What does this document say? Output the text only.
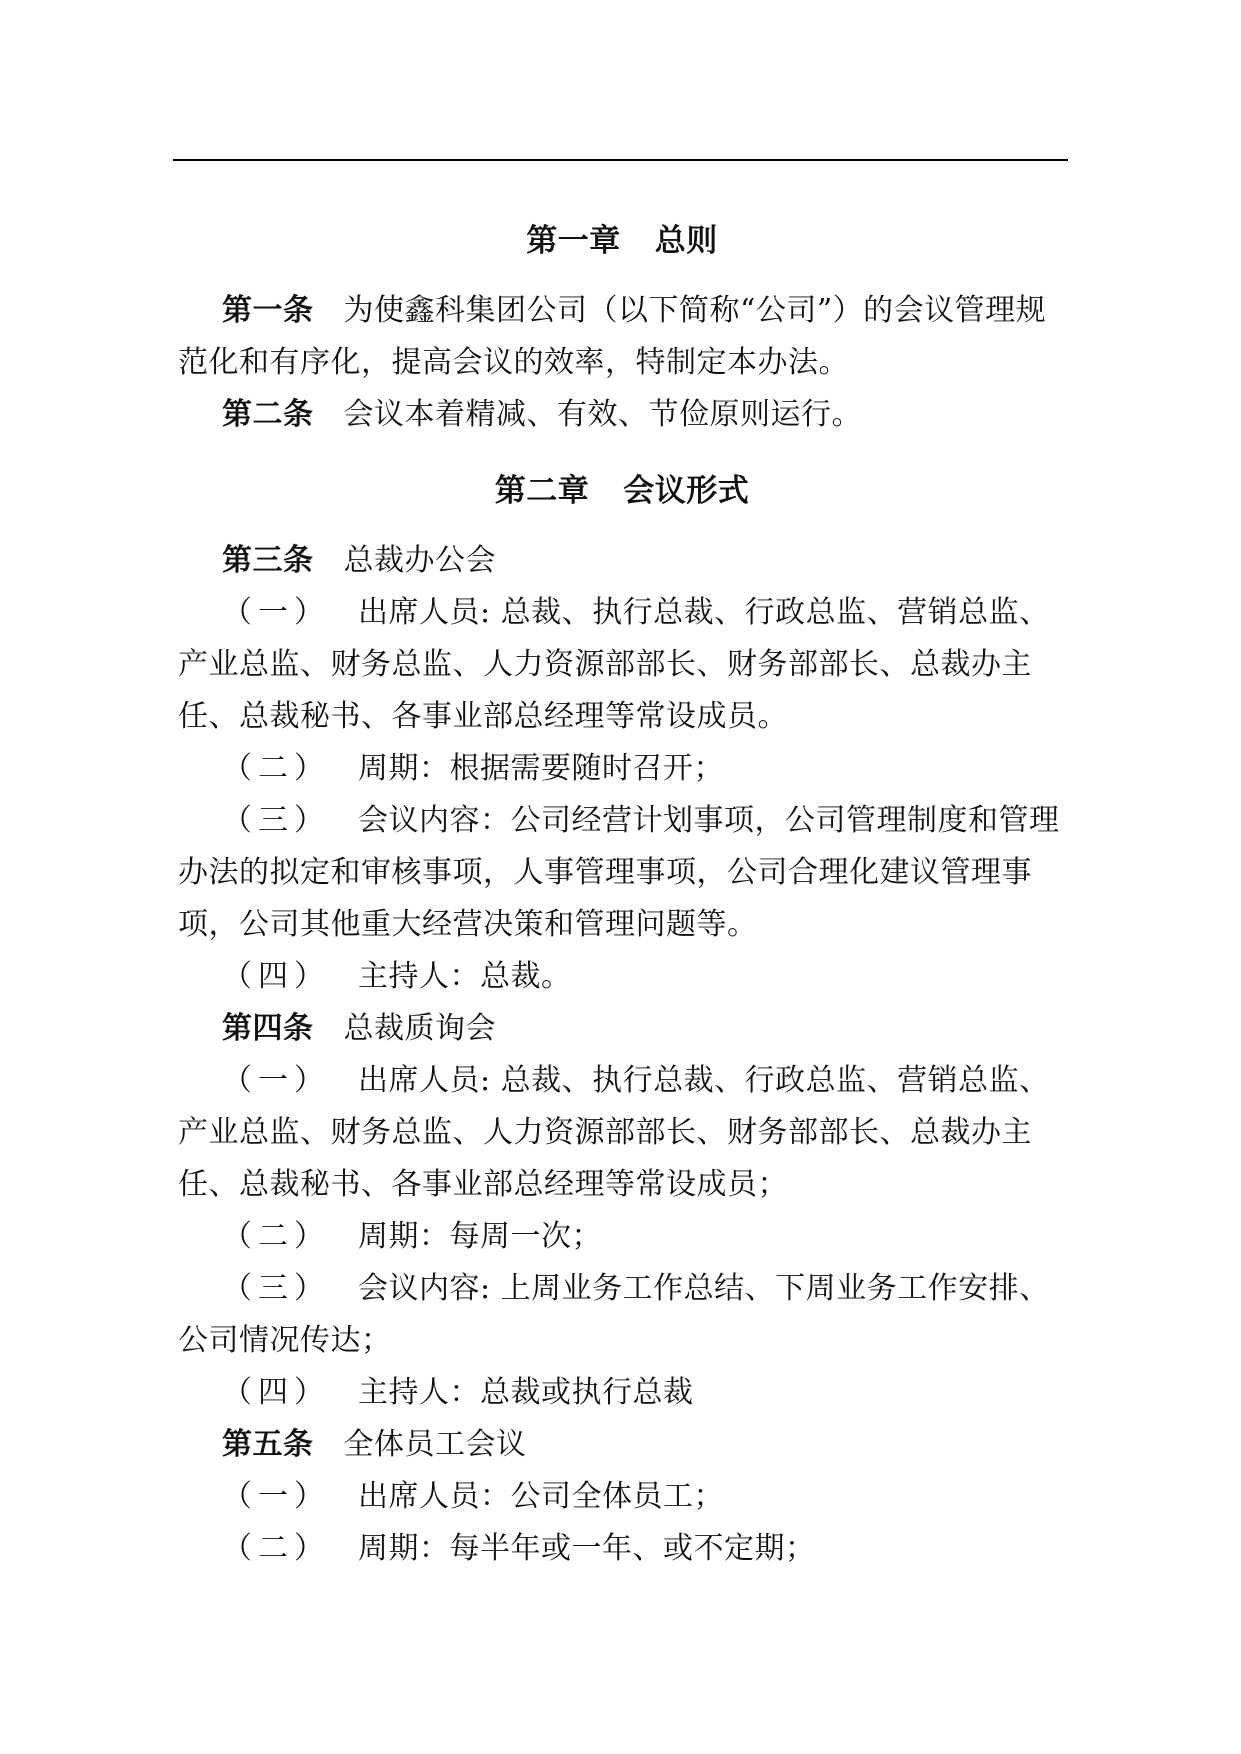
第一章 总则

第一条 为使鑫科集团公司（以下简称“公司”）的会议管理规范化和有序化，提高会议的效率，特制定本办法。

第二条 会议本着精减、有效、节俭原则运行。

第二章 会议形式

第三条 总裁办公会

（一） 出席人员: 总裁、执行总裁、行政总监、营销总监、产业总监、财务总监、人力资源部部长、财务部部长、总裁办主任、总裁秘书、各事业部总经理等常设成员。

（二） 周期：根据需要随时召开；

（三） 会议内容：公司经营计划事项，公司管理制度和管理办法的拟定和审核事项，人事管理事项，公司合理化建议管理事项，公司其他重大经营决策和管理问题等。

（四） 主持人：总裁。

第四条 总裁质询会

（一） 出席人员: 总裁、执行总裁、行政总监、营销总监、产业总监、财务总监、人力资源部部长、财务部部长、总裁办主任、总裁秘书、各事业部总经理等常设成员；

（二） 周期：每周一次；

（三） 会议内容: 上周业务工作总结、下周业务工作安排、公司情况传达；

（四） 主持人：总裁或执行总裁

第五条 全体员工会议

（一） 出席人员：公司全体员工；

（二） 周期：每半年或一年、或不定期；
